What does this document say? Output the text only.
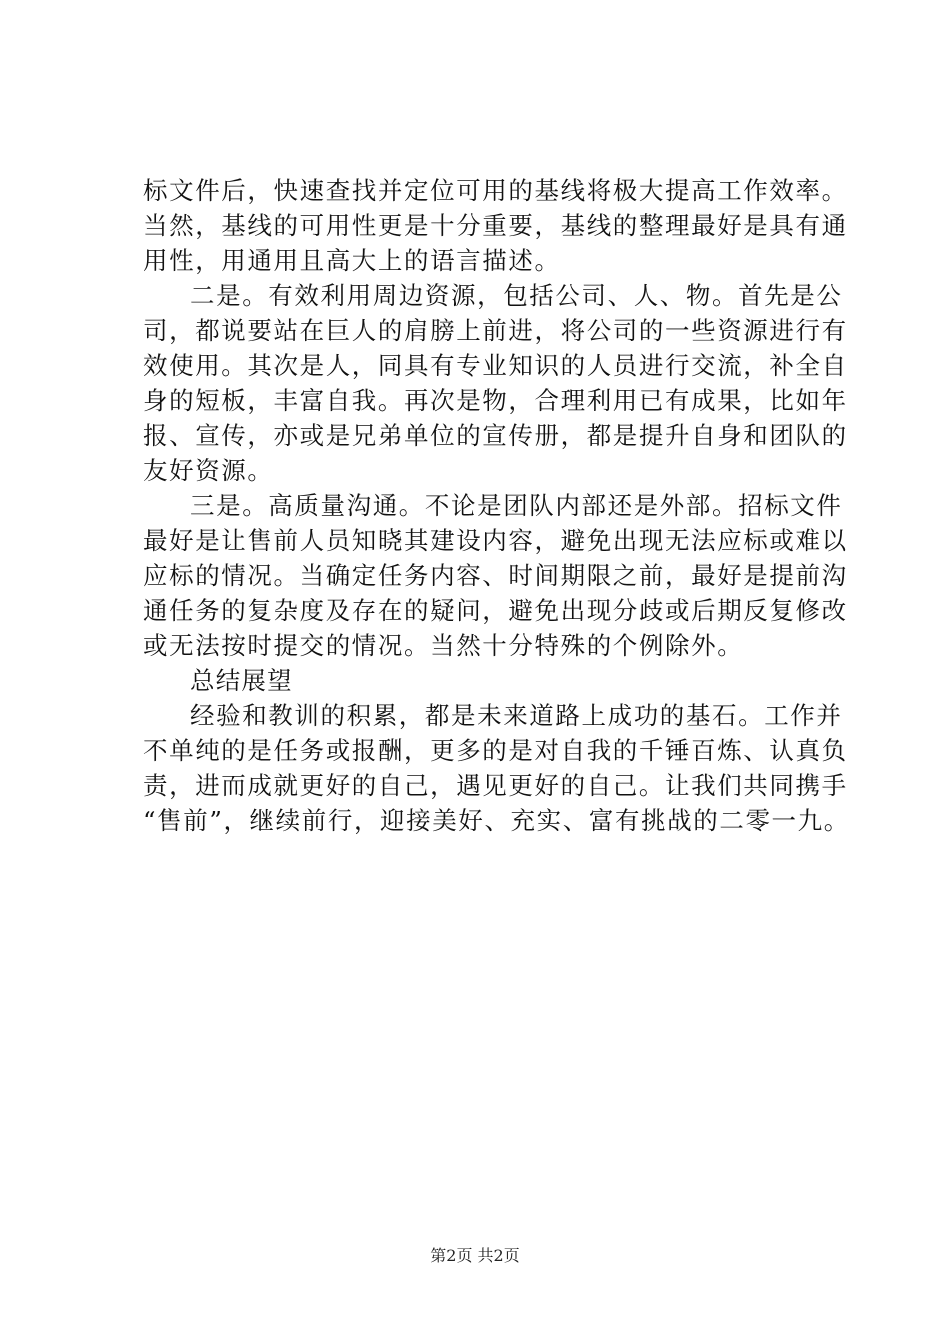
标文件后，快速查找并定位可用的基线将极大提高工作效率。
当然，基线的可用性更是十分重要，基线的整理最好是具有通
用性，用通用且高大上的语言描述。
二是。有效利用周边资源，包括公司、人、物。首先是公
司，都说要站在巨人的肩膀上前进，将公司的一些资源进行有
效使用。其次是人，同具有专业知识的人员进行交流，补全自
身的短板，丰富自我。再次是物，合理利用已有成果，比如年
报、宣传，亦或是兄弟单位的宣传册，都是提升自身和团队的
友好资源。
三是。高质量沟通。不论是团队内部还是外部。招标文件
最好是让售前人员知晓其建设内容，避免出现无法应标或难以
应标的情况。当确定任务内容、时间期限之前，最好是提前沟
通任务的复杂度及存在的疑问，避免出现分歧或后期反复修改
或无法按时提交的情况。当然十分特殊的个例除外。
总结展望
经验和教训的积累，都是未来道路上成功的基石。工作并
不单纯的是任务或报酬，更多的是对自我的千锤百炼、认真负
责，进而成就更好的自己，遇见更好的自己。让我们共同携手
“售前”，继续前行，迎接美好、充实、富有挑战的二零一九。
第2页 共2页
